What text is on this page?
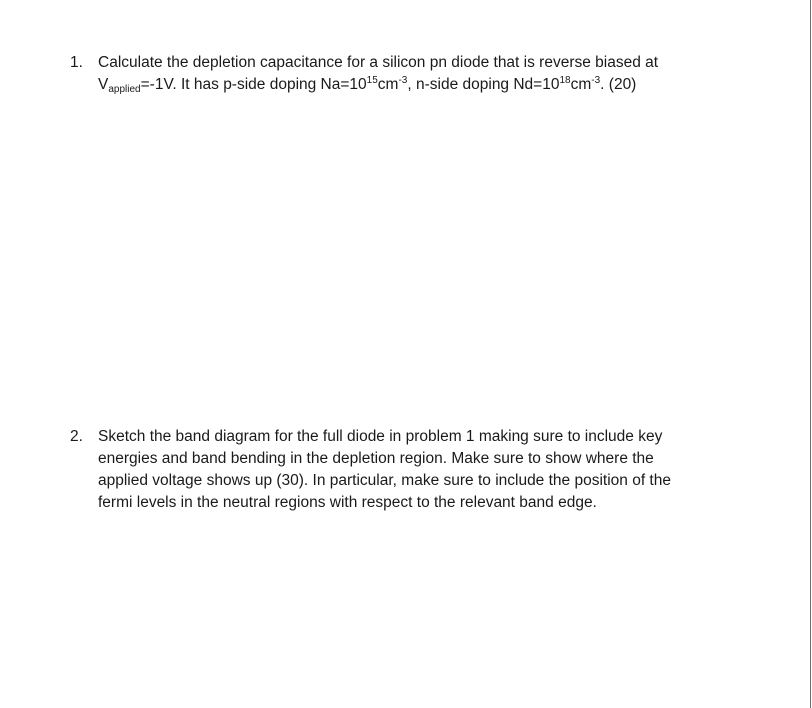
1. Calculate the depletion capacitance for a silicon pn diode that is reverse biased at
$V_{applied}=-1V$. It has p-side doping $Na=10^{15}cm^{-3}$, n-side doping $Nd=10^{18}cm^{-3}$. (20)
2. Sketch the band diagram for the full diode in problem 1 making sure to include key
energies and band bending in the depletion region. Make sure to show where the
applied voltage shows up (30). In particular, make sure to include the position of the
fermi levels in the neutral regions with respect to the relevant band edge.
